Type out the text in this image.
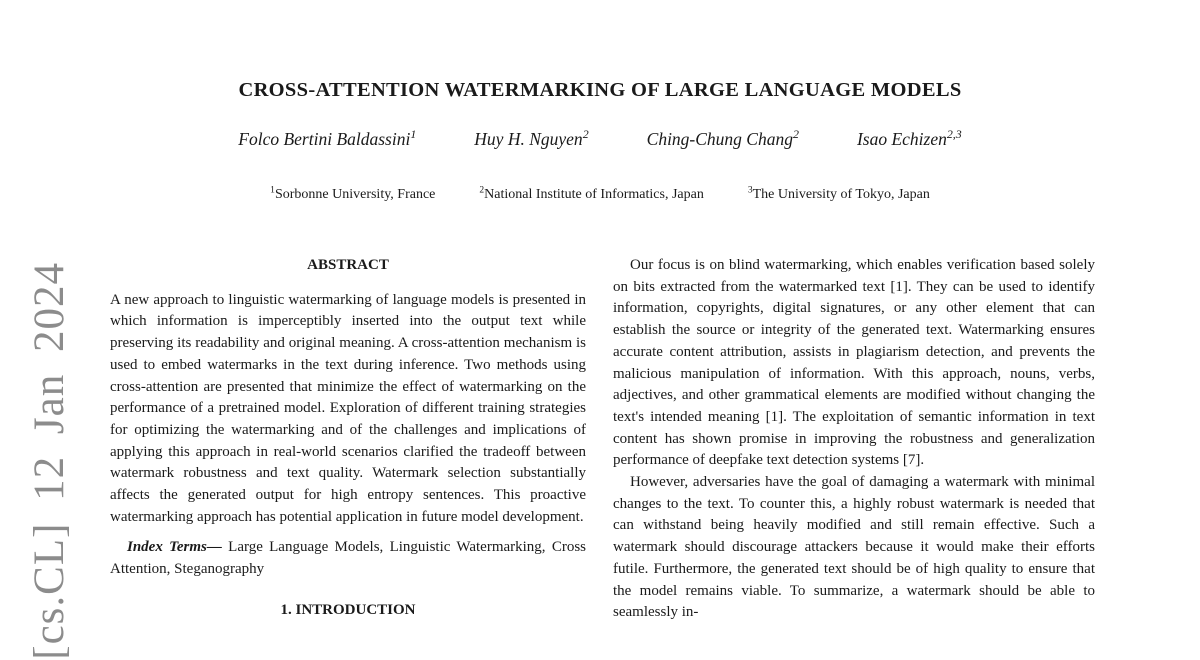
[cs.CL] 12 Jan 2024
CROSS-ATTENTION WATERMARKING OF LARGE LANGUAGE MODELS
Folco Bertini Baldassini$^1$	Huy H. Nguyen$^2$	Ching-Chung Chang$^2$	Isao Echizen$^{2,3}$
$^1$Sorbonne University, France	$^2$National Institute of Informatics, Japan	$^3$The University of Tokyo, Japan
ABSTRACT

A new approach to linguistic watermarking of language models is presented in which information is imperceptibly inserted into the output text while preserving its readability and original meaning. A cross-attention mechanism is used to embed watermarks in the text during inference. Two methods using cross-attention are presented that minimize the effect of watermarking on the performance of a pretrained model. Exploration of different training strategies for optimizing the watermarking and of the challenges and implications of applying this approach in real-world scenarios clarified the tradeoff between watermark robustness and text quality. Watermark selection substantially affects the generated output for high entropy sentences. This proactive watermarking approach has potential application in future model development.

Index Terms— Large Language Models, Linguistic Watermarking, Cross Attention, Steganography

1. INTRODUCTION

Our focus is on blind watermarking, which enables verification based solely on bits extracted from the watermarked text [1]. They can be used to identify information, copyrights, digital signatures, or any other element that can establish the source or integrity of the generated text. Watermarking ensures accurate content attribution, assists in plagiarism detection, and prevents the malicious manipulation of information. With this approach, nouns, verbs, adjectives, and other grammatical elements are modified without changing the text's intended meaning [1]. The exploitation of semantic information in text content has shown promise in improving the robustness and generalization performance of deepfake text detection systems [7].

However, adversaries have the goal of damaging a watermark with minimal changes to the text. To counter this, a highly robust watermark is needed that can withstand being heavily modified and still remain effective. Such a watermark should discourage attackers because it would make their efforts futile. Furthermore, the generated text should be of high quality to ensure that the model remains viable. To summarize, a watermark should be able to seamlessly in-
